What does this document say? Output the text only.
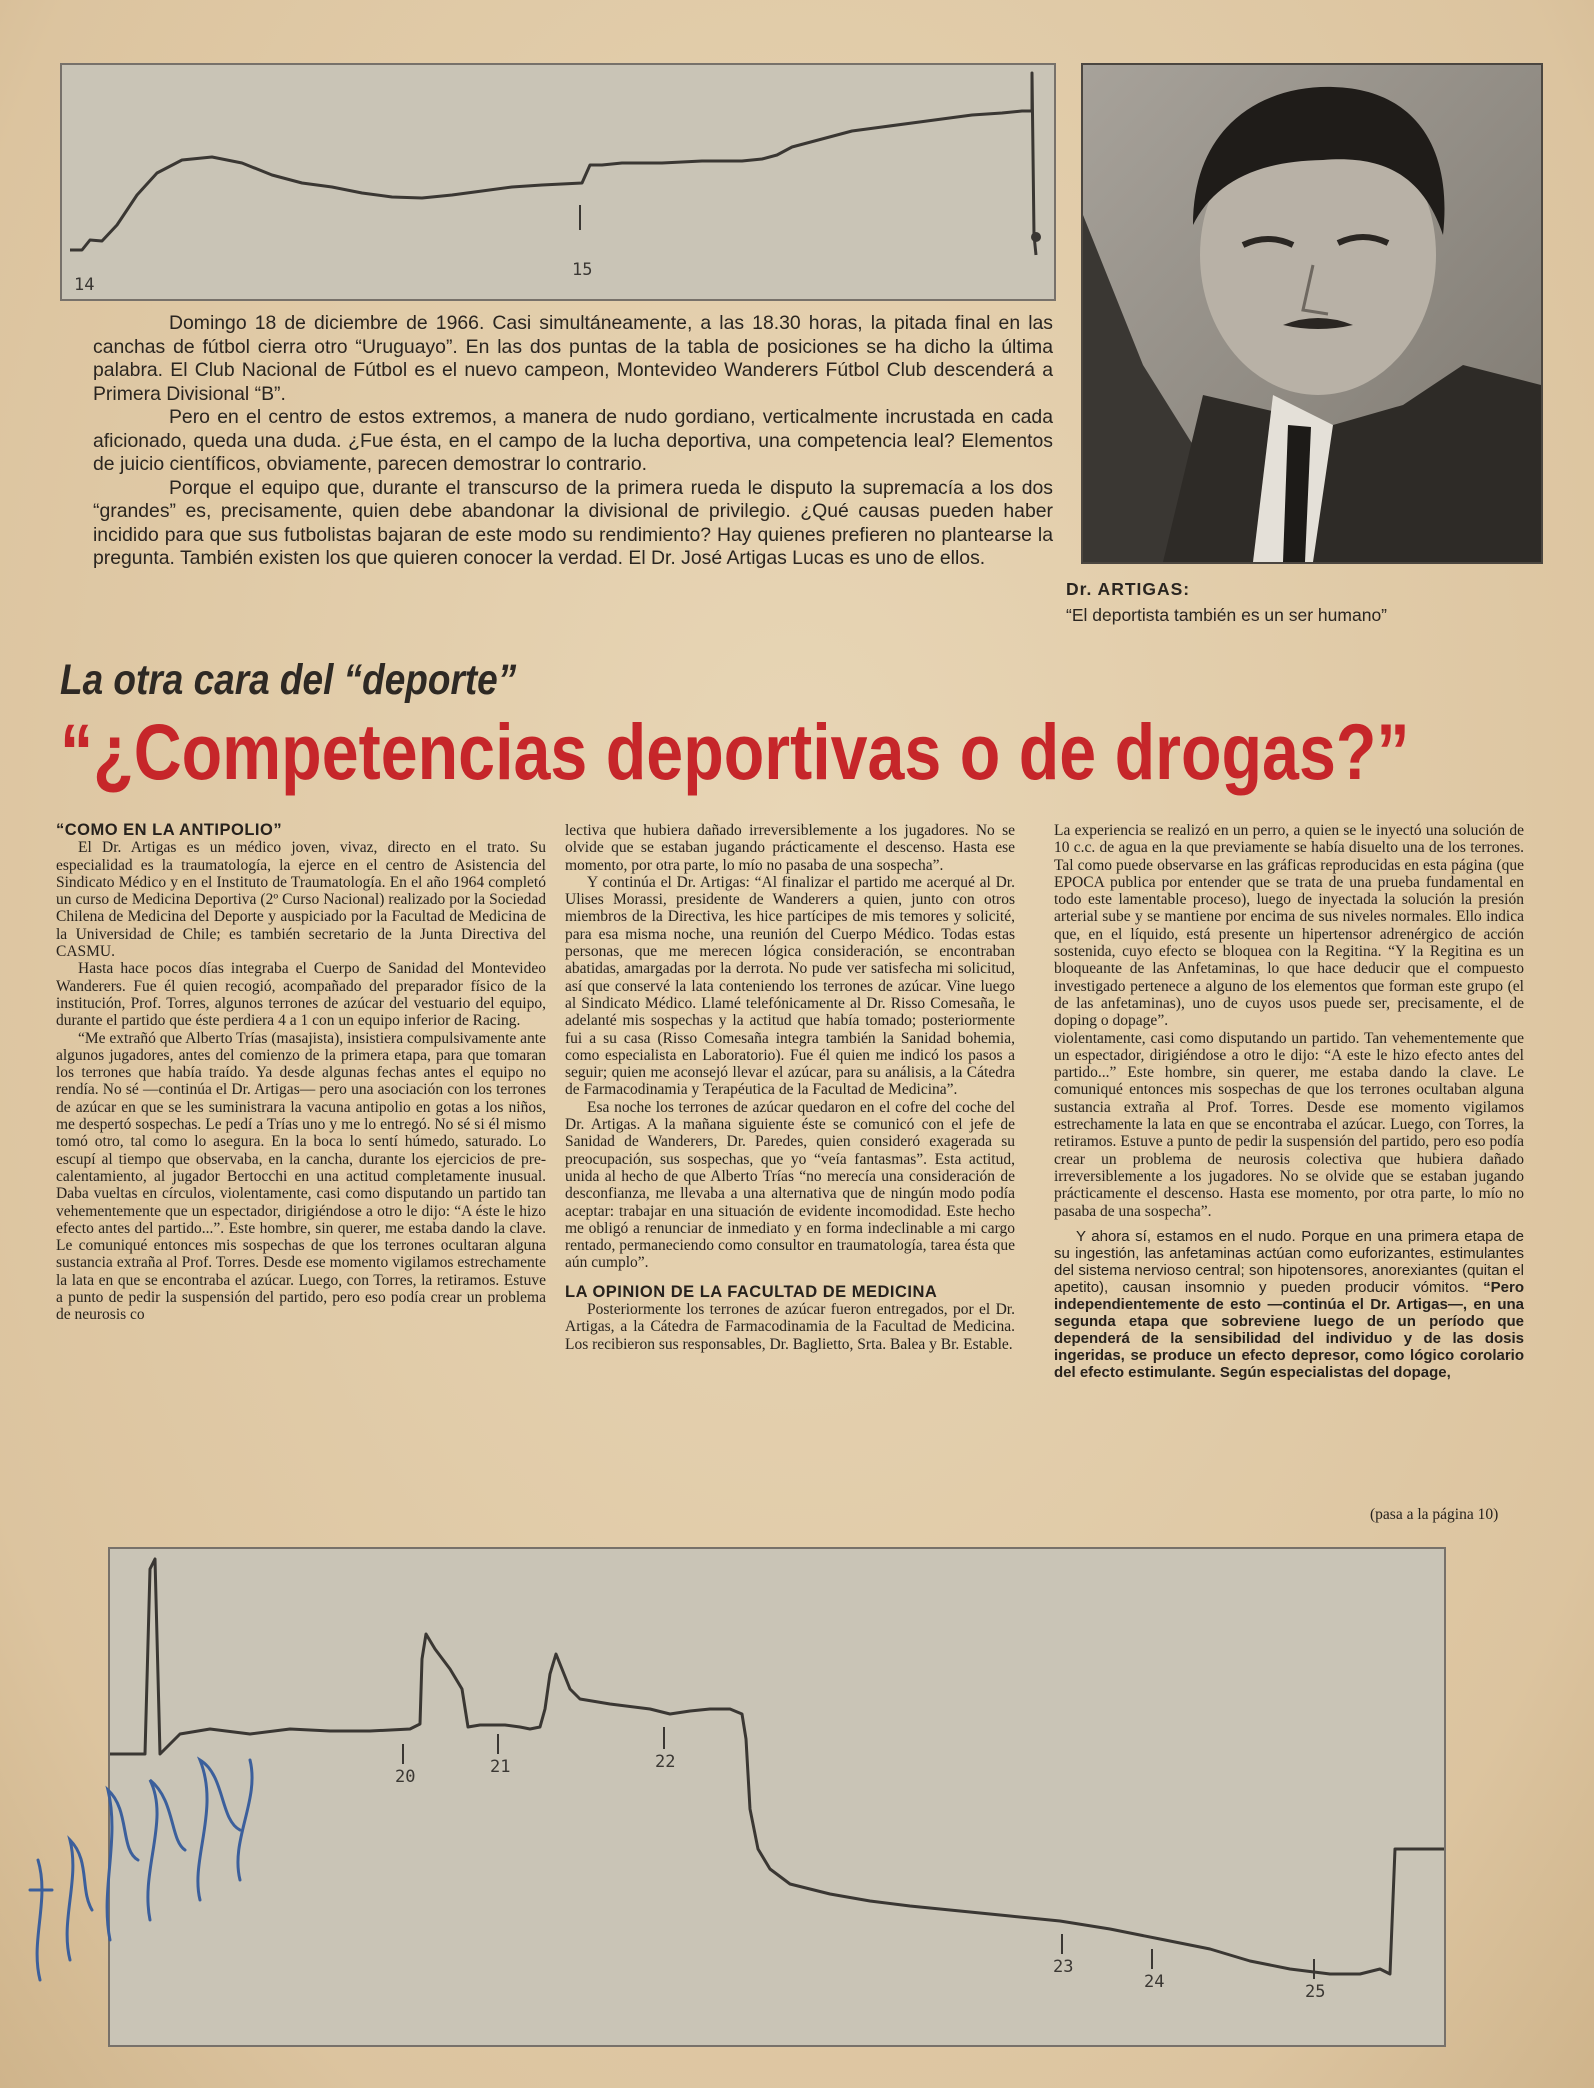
14
15

Domingo 18 de diciembre de 1966. Casi simultáneamente, a las 18.30 horas, la pitada final en las canchas de fútbol cierra otro “Uruguayo”. En las dos puntas de la tabla de posiciones se ha dicho la última palabra. El Club Nacional de Fútbol es el nuevo campeon, Montevideo Wanderers Fútbol Club descenderá a Primera Divisional “B”.

Pero en el centro de estos extremos, a manera de nudo gordiano, verticalmente incrustada en cada aficionado, queda una duda. ¿Fue ésta, en el campo de la lucha deportiva, una competencia leal? Elementos de juicio científicos, obviamente, parecen demostrar lo contrario.

Porque el equipo que, durante el transcurso de la primera rueda le disputo la supremacía a los dos “grandes” es, precisamente, quien debe abandonar la divisional de privilegio. ¿Qué causas pueden haber incidido para que sus futbolistas bajaran de este modo su rendimiento? Hay quienes prefieren no plantearse la pregunta. También existen los que quieren conocer la verdad. El Dr. José Artigas Lucas es uno de ellos.

Dr. ARTIGAS:
“El deportista también es un ser humano”
La otra cara del “deporte”
“¿Competencias deportivas o de drogas?”

“COMO EN LA ANTIPOLIO”

El Dr. Artigas es un médico joven, vivaz, directo en el trato. Su especialidad es la traumatología, la ejerce en el centro de Asistencia del Sindicato Médico y en el Instituto de Traumatología. En el año 1964 completó un curso de Medicina Deportiva (2º Curso Nacional) realizado por la Sociedad Chilena de Medicina del Deporte y auspiciado por la Facultad de Medicina de la Universidad de Chile; es también secretario de la Junta Directiva del CASMU.

Hasta hace pocos días integraba el Cuerpo de Sanidad del Montevideo Wanderers. Fue él quien recogió, acompañado del preparador físico de la institución, Prof. Torres, algunos terrones de azúcar del vestuario del equipo, durante el partido que éste perdiera 4 a 1 con un equipo inferior de Racing.

“Me extrañó que Alberto Trías (masajista), insistiera compulsivamente ante algunos jugadores, antes del comienzo de la primera etapa, para que tomaran los terrones que había traído. Ya desde algunas fechas antes el equipo no rendía. No sé —continúa el Dr. Artigas— pero una asociación con los terrones de azúcar en que se les suministrara la vacuna antipolio en gotas a los niños, me despertó sospechas. Le pedí a Trías uno y me lo entregó. No sé si él mismo tomó otro, tal como lo asegura. En la boca lo sentí húmedo, saturado. Lo escupí al tiempo que observaba, en la cancha, durante los ejercicios de pre-calentamiento, al jugador Bertocchi en una actitud completamente inusual. Daba vueltas en círculos, violentamente, casi como disputando un partido tan vehementemente que un espectador, dirigiéndose a otro le dijo: “A éste le hizo efecto antes del partido...”. Este hombre, sin querer, me estaba dando la clave. Le comuniqué entonces mis sospechas de que los terrones ocultaran alguna sustancia extraña al Prof. Torres. Desde ese momento vigilamos estrechamente la lata en que se encontraba el azúcar. Luego, con Torres, la retiramos. Estuve a punto de pedir la suspensión del partido, pero eso podía crear un problema de neurosis co

lectiva que hubiera dañado irreversiblemente a los jugadores. No se olvide que se estaban jugando prácticamente el descenso. Hasta ese momento, por otra parte, lo mío no pasaba de una sospecha”.

Y continúa el Dr. Artigas: “Al finalizar el partido me acerqué al Dr. Ulises Morassi, presidente de Wanderers a quien, junto con otros miembros de la Directiva, les hice partícipes de mis temores y solicité, para esa misma noche, una reunión del Cuerpo Médico. Todas estas personas, que me merecen lógica consideración, se encontraban abatidas, amargadas por la derrota. No pude ver satisfecha mi solicitud, así que conservé la lata conteniendo los terrones de azúcar. Vine luego al Sindicato Médico. Llamé telefónicamente al Dr. Risso Comesaña, le adelanté mis sospechas y la actitud que había tomado; posteriormente fui a su casa (Risso Comesaña integra también la Sanidad bohemia, como especialista en Laboratorio). Fue él quien me indicó los pasos a seguir; quien me aconsejó llevar el azúcar, para su análisis, a la Cátedra de Farmacodinamia y Terapéutica de la Facultad de Medicina”.

Esa noche los terrones de azúcar quedaron en el cofre del coche del Dr. Artigas. A la mañana siguiente éste se comunicó con el jefe de Sanidad de Wanderers, Dr. Paredes, quien consideró exagerada su preocupación, sus sospechas, que yo “veía fantasmas”. Esta actitud, unida al hecho de que Alberto Trías “no merecía una consideración de desconfianza, me llevaba a una alternativa que de ningún modo podía aceptar: trabajar en una situación de evidente incomodidad. Este hecho me obligó a renunciar de inmediato y en forma indeclinable a mi cargo rentado, permaneciendo como consultor en traumatología, tarea ésta que aún cumplo”.

LA OPINION DE LA FACULTAD DE MEDICINA

Posteriormente los terrones de azúcar fueron entregados, por el Dr. Artigas, a la Cátedra de Farmacodinamia de la Facultad de Medicina. Los recibieron sus responsables, Dr. Baglietto, Srta. Balea y Br. Estable.

La experiencia se realizó en un perro, a quien se le inyectó una solución de 10 c.c. de agua en la que previamente se había disuelto una de los terrones. Tal como puede observarse en las gráficas reproducidas en esta página (que EPOCA publica por entender que se trata de una prueba fundamental en todo este lamentable proceso), luego de inyectada la solución la presión arterial sube y se mantiene por encima de sus niveles normales. Ello indica que, en el líquido, está presente un hipertensor adrenérgico de acción sostenida, cuyo efecto se bloquea con la Regitina. “Y la Regitina es un bloqueante de las Anfetaminas, lo que hace deducir que el compuesto investigado pertenece a alguno de los elementos que forman este grupo (el de las anfetaminas), uno de cuyos usos puede ser, precisamente, el de doping o dopage”.

violentamente, casi como disputando un partido. Tan vehementemente que un espectador, dirigiéndose a otro le dijo: “A este le hizo efecto antes del partido...” Este hombre, sin querer, me estaba dando la clave. Le comuniqué entonces mis sospechas de que los terrones ocultaban alguna sustancia extraña al Prof. Torres. Desde ese momento vigilamos estrechamente la lata en que se encontraba el azúcar. Luego, con Torres, la retiramos. Estuve a punto de pedir la suspensión del partido, pero eso podía crear un problema de neurosis colectiva que hubiera dañado irreversiblemente a los jugadores. No se olvide que se estaban jugando prácticamente el descenso. Hasta ese momento, por otra parte, lo mío no pasaba de una sospecha”.

Y ahora sí, estamos en el nudo. Porque en una primera etapa de su ingestión, las anfetaminas actúan como euforizantes, estimulantes del sistema nervioso central; son hipotensores, anorexiantes (quitan el apetito), causan insomnio y pueden producir vómitos. “Pero independientemente de esto —continúa el Dr. Artigas—, en una segunda etapa que sobreviene luego de un período que dependerá de la sensibilidad del individuo y de las dosis ingeridas, se produce un efecto depresor, como lógico corolario del efecto estimulante. Según especialistas del dopage,

(pasa a la página 10)
20	21	22
23
24	25
